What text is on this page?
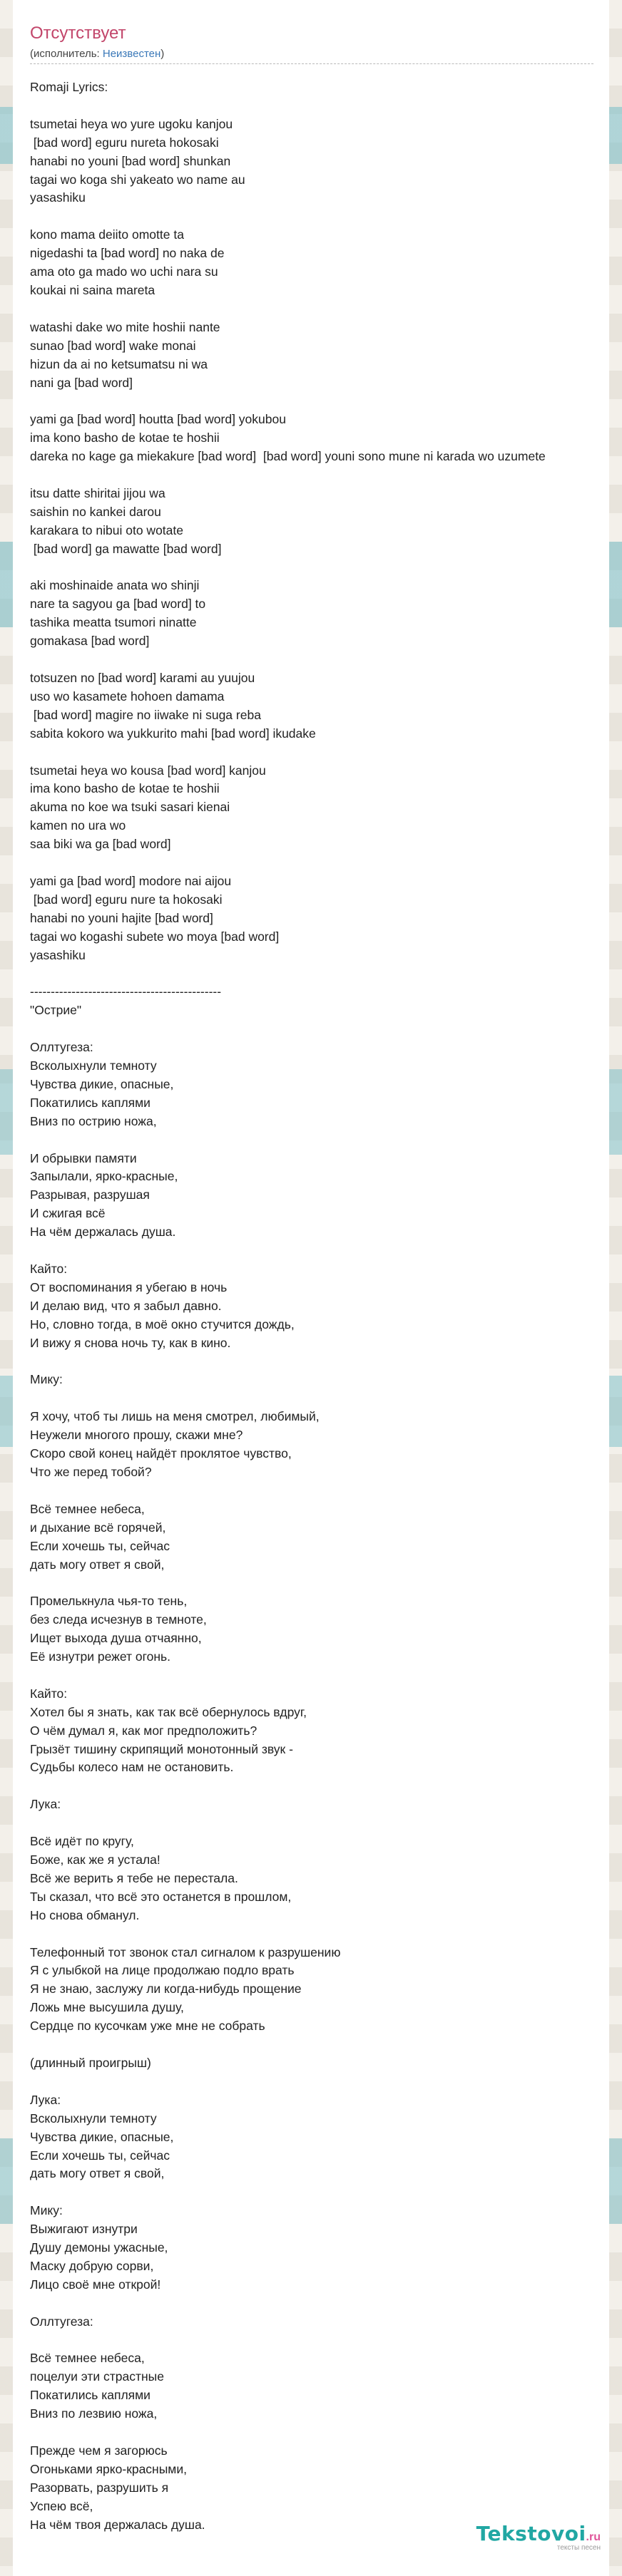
Отсутствует
(исполнитель: Неизвестен)
Romaji Lyrics:

tsumetai heya wo yure ugoku kanjou
[bad word] eguru nureta hokosaki
hanabi no youni [bad word] shunkan
tagai wo koga shi yakeato wo name au
yasashiku

kono mama deiito omotte ta
nigedashi ta [bad word] no naka de
ama oto ga mado wo uchi nara su
koukai ni saina mareta

watashi dake wo mite hoshii nante
sunao [bad word] wake monai
hizun da ai no ketsumatsu ni wa
nani ga [bad word]

yami ga [bad word] houtta [bad word] yokubou
ima kono basho de kotae te hoshii
dareka no kage ga miekakure [bad word]  [bad word] youni sono mune ni karada wo uzumete

itsu datte shiritai jijou wa
saishin no kankei darou
karakara to nibui oto wotate
[bad word] ga mawatte [bad word]

aki moshinaide anata wo shinji
nare ta sagyou ga [bad word] to
tashika meatta tsumori ninatte
gomakasa [bad word]

totsuzen no [bad word] karami au yuujou
uso wo kasamete hohoen damama
[bad word] magire no iiwake ni suga reba
sabita kokoro wa yukkurito mahi [bad word] ikudake

tsumetai heya wo kousa [bad word] kanjou
ima kono basho de kotae te hoshii
akuma no koe wa tsuki sasari kienai
kamen no ura wo
saa biki wa ga [bad word]

yami ga [bad word] modore nai aijou
[bad word] eguru nure ta hokosaki
hanabi no youni hajite [bad word]
tagai wo kogashi subete wo moya [bad word]
yasashiku

----------------------------------------------
"Острие"

Оллтугеза:
Всколыхнули темноту
Чувства дикие, опасные,
Покатились каплями
Вниз по острию ножа,

И обрывки памяти
Запылали, ярко-красные,
Разрывая, разрушая
И сжигая всё
На чём держалась душа.

Кайто:
От воспоминания я убегаю в ночь
И делаю вид, что я забыл давно.
Но, словно тогда, в моё окно стучится дождь,
И вижу я снова ночь ту, как в кино.

Мику:

Я хочу, чтоб ты лишь на меня смотрел, любимый,
Неужели многого прошу, скажи мне?
Скоро свой конец найдёт проклятое чувство,
Что же перед тобой?

Всё темнее небеса,
и дыхание всё горячей,
Если хочешь ты, сейчас
дать могу ответ я свой,

Промелькнула чья-то тень,
без следа исчезнув в темноте,
Ищет выхода душа отчаянно,
Её изнутри режет огонь.

Кайто:
Хотел бы я знать, как так всё обернулось вдруг,
О чём думал я, как мог предположить?
Грызёт тишину скрипящий монотонный звук -
Судьбы колесо нам не остановить.

Лука:

Всё идёт по кругу,
Боже, как же я устала!
Всё же верить я тебе не перестала.
Ты сказал, что всё это останется в прошлом,
Но снова обманул.

Телефонный тот звонок стал сигналом к разрушению
Я с улыбкой на лице продолжаю подло врать
Я не знаю, заслужу ли когда-нибудь прощение
Ложь мне высушила душу,
Сердце по кусочкам уже мне не собрать

(длинный проигрыш)

Лука:
Всколыхнули темноту
Чувства дикие, опасные,
Если хочешь ты, сейчас
дать могу ответ я свой,

Мику:
Выжигают изнутри
Душу демоны ужасные,
Маску добрую сорви,
Лицо своё мне открой!

Оллтугеза:

Всё темнее небеса,
поцелуи эти страстные
Покатились каплями
Вниз по лезвию ножа,

Прежде чем я загорюсь
Огоньками ярко-красными,
Разорвать, разрушить я
Успею всё,
На чём твоя держалась душа.	Tekstovoi.ru
тексты песен
